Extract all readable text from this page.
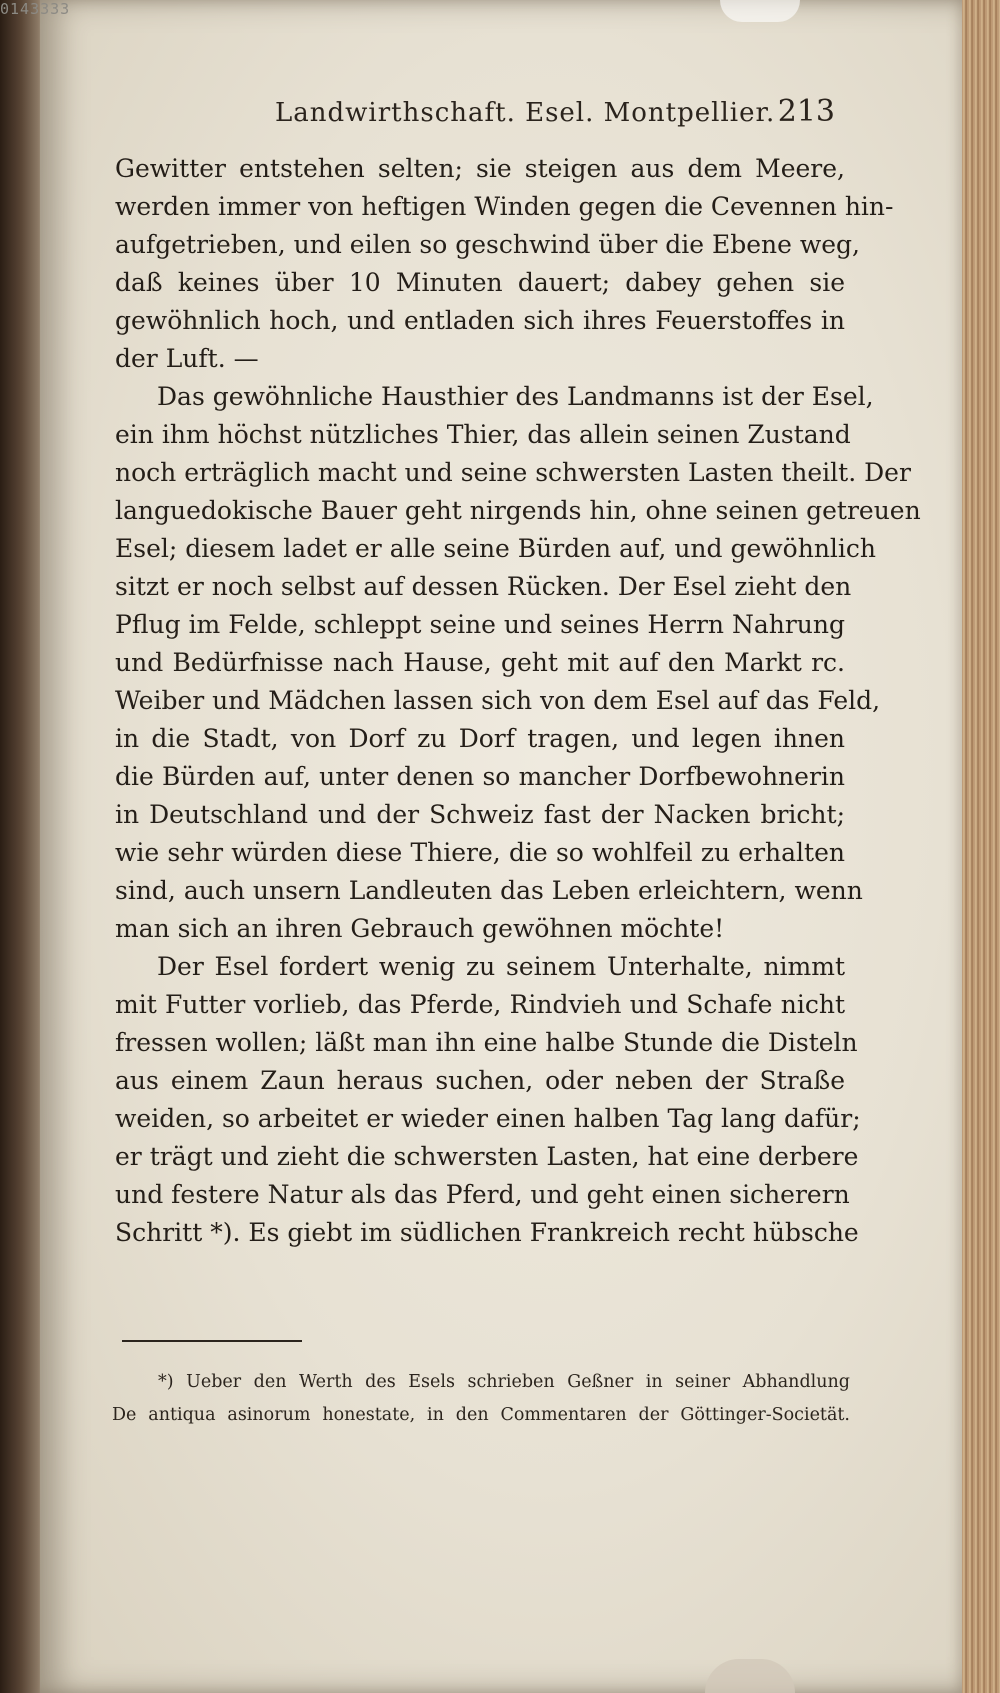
0143333
Landwirthschaft. Esel. Montpellier. 213
Gewitter entstehen selten; sie steigen aus dem Meere,
werden immer von heftigen Winden gegen die Cevennen hin-
aufgetrieben, und eilen so geschwind über die Ebene weg,
daß keines über 10 Minuten dauert; dabey gehen sie
gewöhnlich hoch, und entladen sich ihres Feuerstoffes in
der Luft. —
Das gewöhnliche Hausthier des Landmanns ist der Esel,
ein ihm höchst nützliches Thier, das allein seinen Zustand
noch erträglich macht und seine schwersten Lasten theilt. Der
languedokische Bauer geht nirgends hin, ohne seinen getreuen
Esel; diesem ladet er alle seine Bürden auf, und gewöhnlich
sitzt er noch selbst auf dessen Rücken. Der Esel zieht den
Pflug im Felde, schleppt seine und seines Herrn Nahrung
und Bedürfnisse nach Hause, geht mit auf den Markt rc.
Weiber und Mädchen lassen sich von dem Esel auf das Feld,
in die Stadt, von Dorf zu Dorf tragen, und legen ihnen
die Bürden auf, unter denen so mancher Dorfbewohnerin
in Deutschland und der Schweiz fast der Nacken bricht;
wie sehr würden diese Thiere, die so wohlfeil zu erhalten
sind, auch unsern Landleuten das Leben erleichtern, wenn
man sich an ihren Gebrauch gewöhnen möchte!
Der Esel fordert wenig zu seinem Unterhalte, nimmt
mit Futter vorlieb, das Pferde, Rindvieh und Schafe nicht
fressen wollen; läßt man ihn eine halbe Stunde die Disteln
aus einem Zaun heraus suchen, oder neben der Straße
weiden, so arbeitet er wieder einen halben Tag lang dafür;
er trägt und zieht die schwersten Lasten, hat eine derbere
und festere Natur als das Pferd, und geht einen sicherern
Schritt *). Es giebt im südlichen Frankreich recht hübsche
*) Ueber den Werth des Esels schrieben Geßner in seiner Abhandlung
De antiqua asinorum honestate, in den Commentaren der Göttinger-Societät.
